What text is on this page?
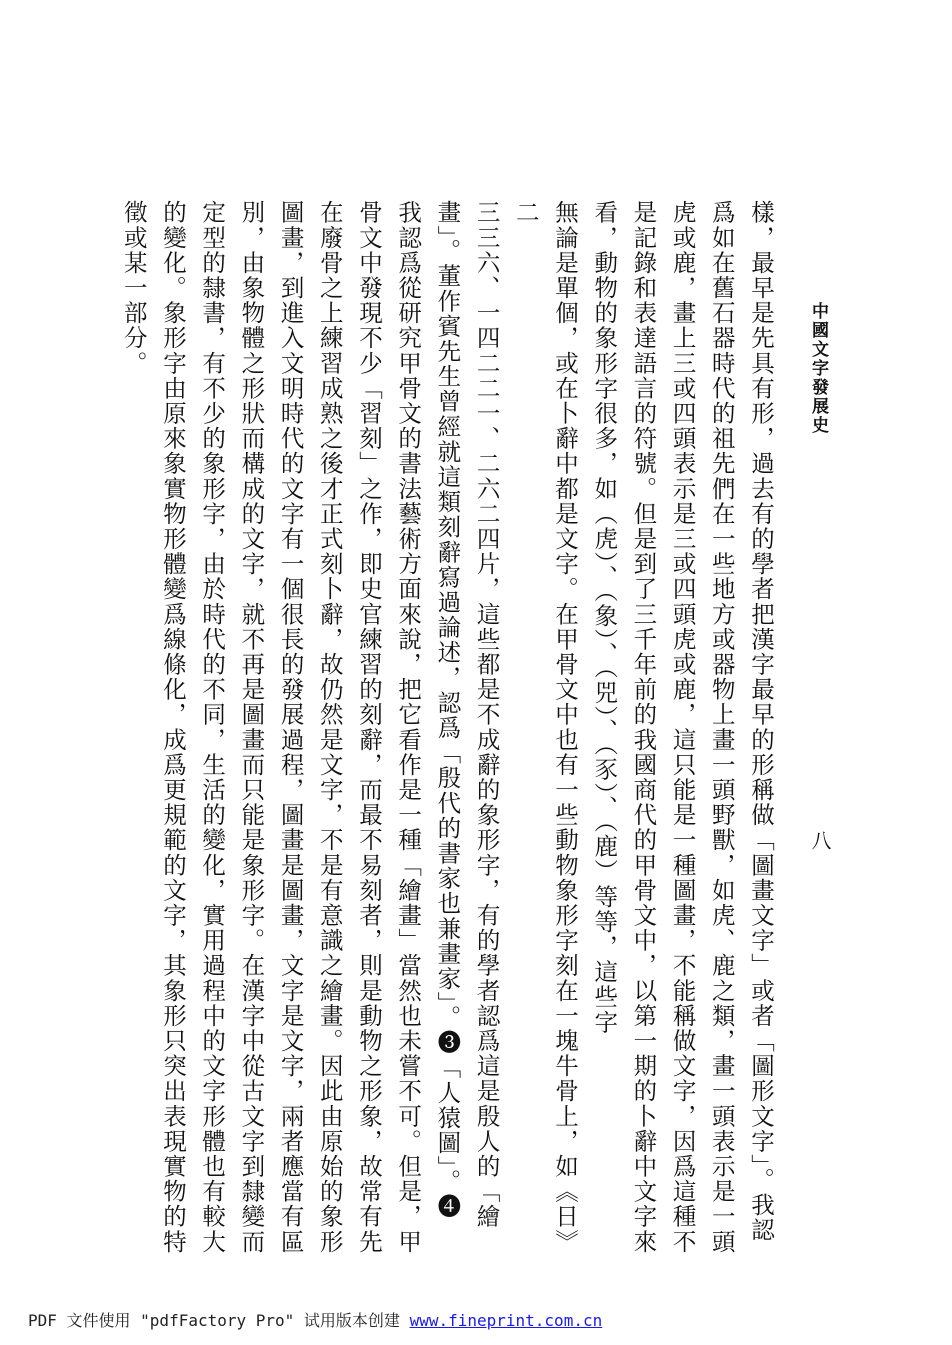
中國文字發展史
八

樣，最早是先具有形，過去有的學者把漢字最早的形稱做「圖畫文字」或者「圖形文字」。我認

爲如在舊石器時代的祖先們在一些地方或器物上畫一頭野獸，如虎、鹿之類，畫一頭表示是一頭

虎或鹿，畫上三或四頭表示是三或四頭虎或鹿，這只能是一種圖畫，不能稱做文字，因爲這種不

是記錄和表達語言的符號。但是到了三千年前的我國商代的甲骨文中，以第一期的卜辭中文字來

看，動物的象形字很多，如（虎）、（象）、（兕）、（豕）、（鹿）等等，這些字

無論是單個，或在卜辭中都是文字。在甲骨文中也有一些動物象形字刻在一塊牛骨上，如《日》二

三三六、一四二二一、二六二四片，這些都是不成辭的象形字，有的學者認爲這是殷人的「繪

畫」。董作賓先生曾經就這類刻辭寫過論述，認爲「殷代的書家也兼畫家」。❸「人猿圖」。❹

我認爲從研究甲骨文的書法藝術方面來說，把它看作是一種「繪畫」當然也未嘗不可。但是，甲

骨文中發現不少「習刻」之作，即史官練習的刻辭，而最不易刻者，則是動物之形象，故常有先

在廢骨之上練習成熟之後才正式刻卜辭，故仍然是文字，不是有意識之繪畫。因此由原始的象形

圖畫，到進入文明時代的文字有一個很長的發展過程，圖畫是圖畫，文字是文字，兩者應當有區

別，由象物體之形狀而構成的文字，就不再是圖畫而只能是象形字。在漢字中從古文字到隸變而

定型的隸書，有不少的象形字，由於時代的不同，生活的變化，實用過程中的文字形體也有較大

的變化。象形字由原來象實物形體變爲線條化，成爲更規範的文字，其象形只突出表現實物的特

徵或某一部分。

PDF 文件使用 "pdfFactory Pro" 试用版本创建 www.fineprint.com.cn
